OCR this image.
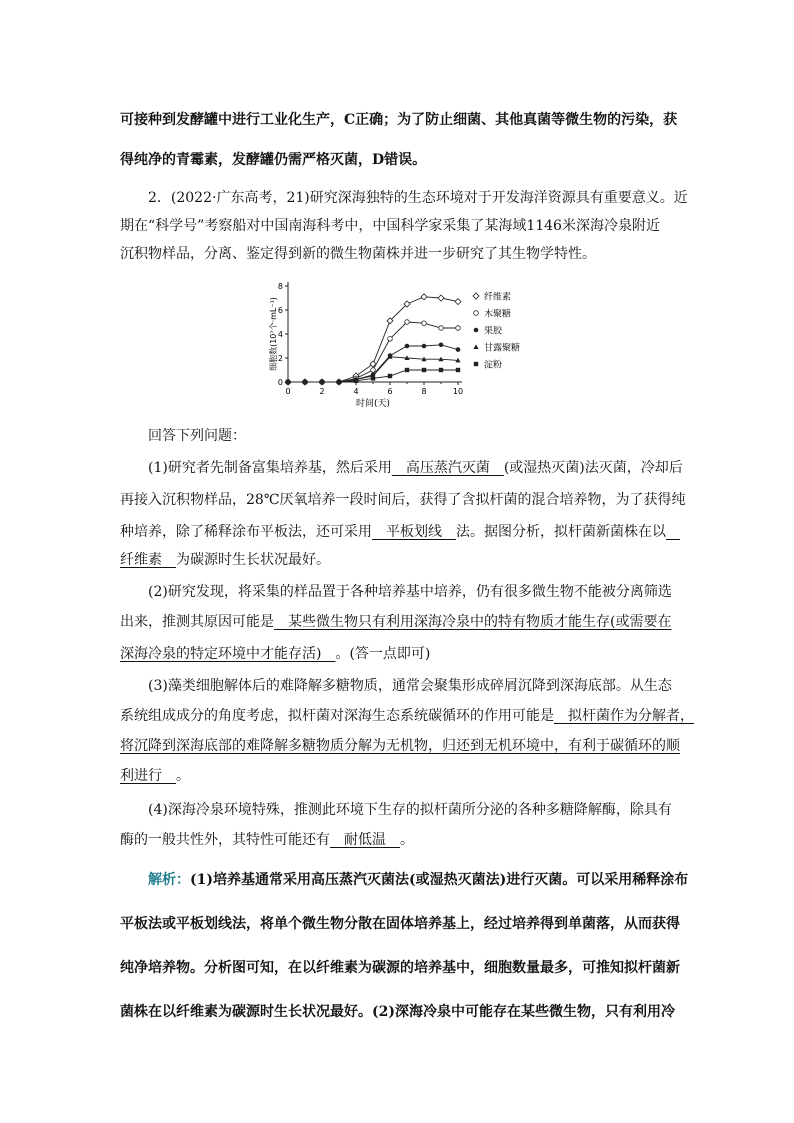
可接种到发酵罐中进行工业化生产，C正确；为了防止细菌、其他真菌等微生物的污染，获

得纯净的青霉素，发酵罐仍需严格灭菌，D错误。

2．(2022·广东高考，21)研究深海独特的生态环境对于开发海洋资源具有重要意义。近

期在“科学号”考察船对中国南海科考中，中国科学家采集了某海域1146米深海冷泉附近

沉积物样品，分离、鉴定得到新的微生物菌株并进一步研究了其生物学特性。

0	2	4	6	8	10
0
2
4
6
8
时间(天)
细胞数(10⁷个·mL⁻¹)	纤维素
木聚糖
果胶
甘露聚糖
淀粉

回答下列问题：

(1)研究者先制备富集培养基，然后采用　高压蒸汽灭菌　(或湿热灭菌)法灭菌，冷却后

再接入沉积物样品，28℃厌氧培养一段时间后，获得了含拟杆菌的混合培养物，为了获得纯

种培养，除了稀释涂布平板法，还可采用　平板划线　法。据图分析，拟杆菌新菌株在以　

纤维素　为碳源时生长状况最好。

(2)研究发现，将采集的样品置于各种培养基中培养，仍有很多微生物不能被分离筛选

出来，推测其原因可能是　某些微生物只有利用深海冷泉中的特有物质才能生存(或需要在

深海冷泉的特定环境中才能存活)　。(答一点即可)

(3)藻类细胞解体后的难降解多糖物质，通常会聚集形成碎屑沉降到深海底部。从生态

系统组成成分的角度考虑，拟杆菌对深海生态系统碳循环的作用可能是　拟杆菌作为分解者，

将沉降到深海底部的难降解多糖物质分解为无机物，归还到无机环境中，有利于碳循环的顺

利进行　。

(4)深海冷泉环境特殊，推测此环境下生存的拟杆菌所分泌的各种多糖降解酶，除具有

酶的一般共性外，其特性可能还有　耐低温　。

解析：(1)培养基通常采用高压蒸汽灭菌法(或湿热灭菌法)进行灭菌。可以采用稀释涂布

平板法或平板划线法，将单个微生物分散在固体培养基上，经过培养得到单菌落，从而获得

纯净培养物。分析图可知，在以纤维素为碳源的培养基中，细胞数量最多，可推知拟杆菌新

菌株在以纤维素为碳源时生长状况最好。(2)深海冷泉中可能存在某些微生物，只有利用冷
